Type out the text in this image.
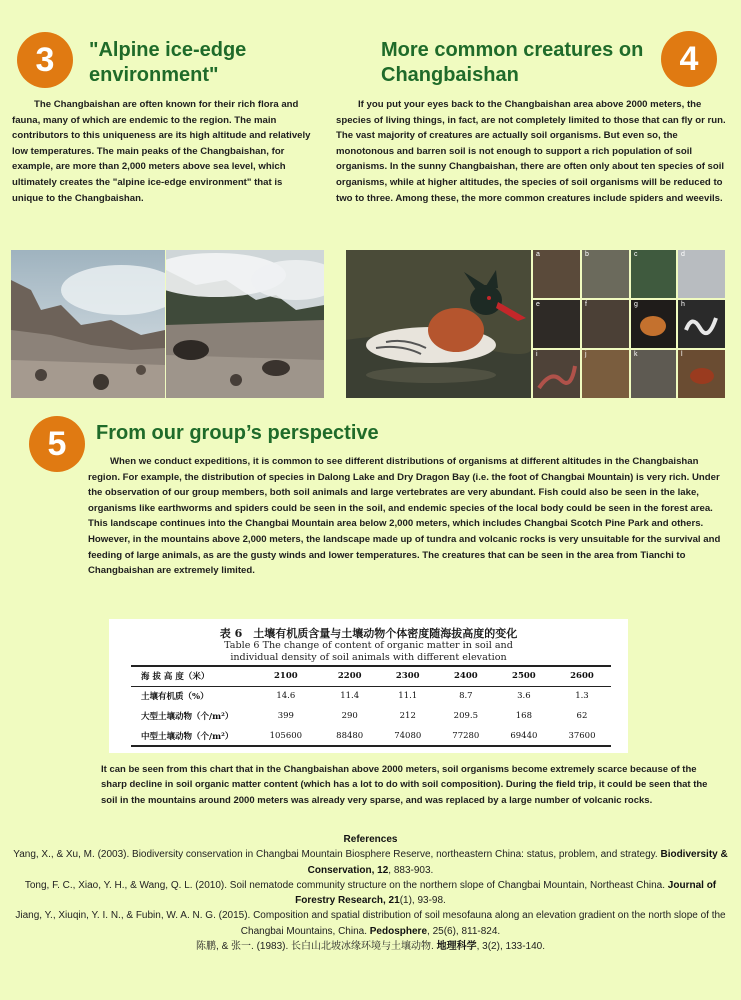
3	"Alpine ice-edge
environment"
The Changbaishan are often known for their rich flora and fauna, many of which are endemic to the region. The main contributors to this uniqueness are its high altitude and relatively low temperatures. The main peaks of the Changbaishan, for example, are more than 2,000 meters above sea level, which ultimately creates the "alpine ice-edge environment" that is unique to the Changbaishan.
More common creatures on
Changbaishan	4
If you put your eyes back to the Changbaishan area above 2000 meters, the species of living things, in fact, are not completely limited to those that can fly or run. The vast majority of creatures are actually soil organisms. But even so, the monotonous and barren soil is not enough to support a rich population of soil organisms. In the sunny Changbaishan, there are often only about ten species of soil organisms, while at higher altitudes, the species of soil organisms will be reduced to two to three. Among these, the more common creatures include spiders and weevils.
a	b	c	d
e	f	g	h
i	j	k	l
5	From our group’s perspective
When we conduct expeditions, it is common to see different distributions of organisms at different altitudes in the Changbaishan region. For example, the distribution of species in Dalong Lake and Dry Dragon Bay (i.e. the foot of Changbai Mountain) is very rich. Under the observation of our group members, both soil animals and large vertebrates are very abundant. Fish could also be seen in the lake, organisms like earthworms and spiders could be seen in the soil, and endemic species of the local body could be seen in the forest area. This landscape continues into the Changbai Mountain area below 2,000 meters, which includes Changbai Scotch Pine Park and others. However, in the mountains above 2,000 meters, the landscape made up of tundra and volcanic rocks is very unsuitable for the survival and feeding of large animals, as are the gusty winds and lower temperatures. The creatures that can be seen in the area from Tianchi to Changbaishan are extremely limited.
表 6　土壤有机质含量与土壤动物个体密度随海拔高度的变化
Table 6 The change of content of organic matter in soil and
individual density of soil animals with different elevation
海 拔 高 度（米）	2100	2200	2300	2400	2500	2600
土壤有机质（%）	14.6	11.4	11.1	8.7	3.6	1.3
大型土壤动物（个/m²）	399	290	212	209.5	168	62
中型土壤动物（个/m²）	105600	88480	74080	77280	69440	37600
It can be seen from this chart that in the Changbaishan above 2000 meters, soil organisms become extremely scarce because of the sharp decline in soil organic matter content (which has a lot to do with soil composition). During the field trip, it could be seen that the soil in the mountains around 2000 meters was already very sparse, and was replaced by a large number of volcanic rocks.
References
Yang, X., & Xu, M. (2003). Biodiversity conservation in Changbai Mountain Biosphere Reserve, northeastern China: status, problem, and strategy. Biodiversity & Conservation, 12, 883-903.
Tong, F. C., Xiao, Y. H., & Wang, Q. L. (2010). Soil nematode community structure on the northern slope of Changbai Mountain, Northeast China. Journal of Forestry Research, 21(1), 93-98.
Jiang, Y., Xiuqin, Y. I. N., & Fubin, W. A. N. G. (2015). Composition and spatial distribution of soil mesofauna along an elevation gradient on the north slope of the Changbai Mountains, China. Pedosphere, 25(6), 811-824.
陈鹏, & 张一. (1983). 长白山北坡冰缘环境与土壤动物. 地理科学, 3(2), 133-140.
